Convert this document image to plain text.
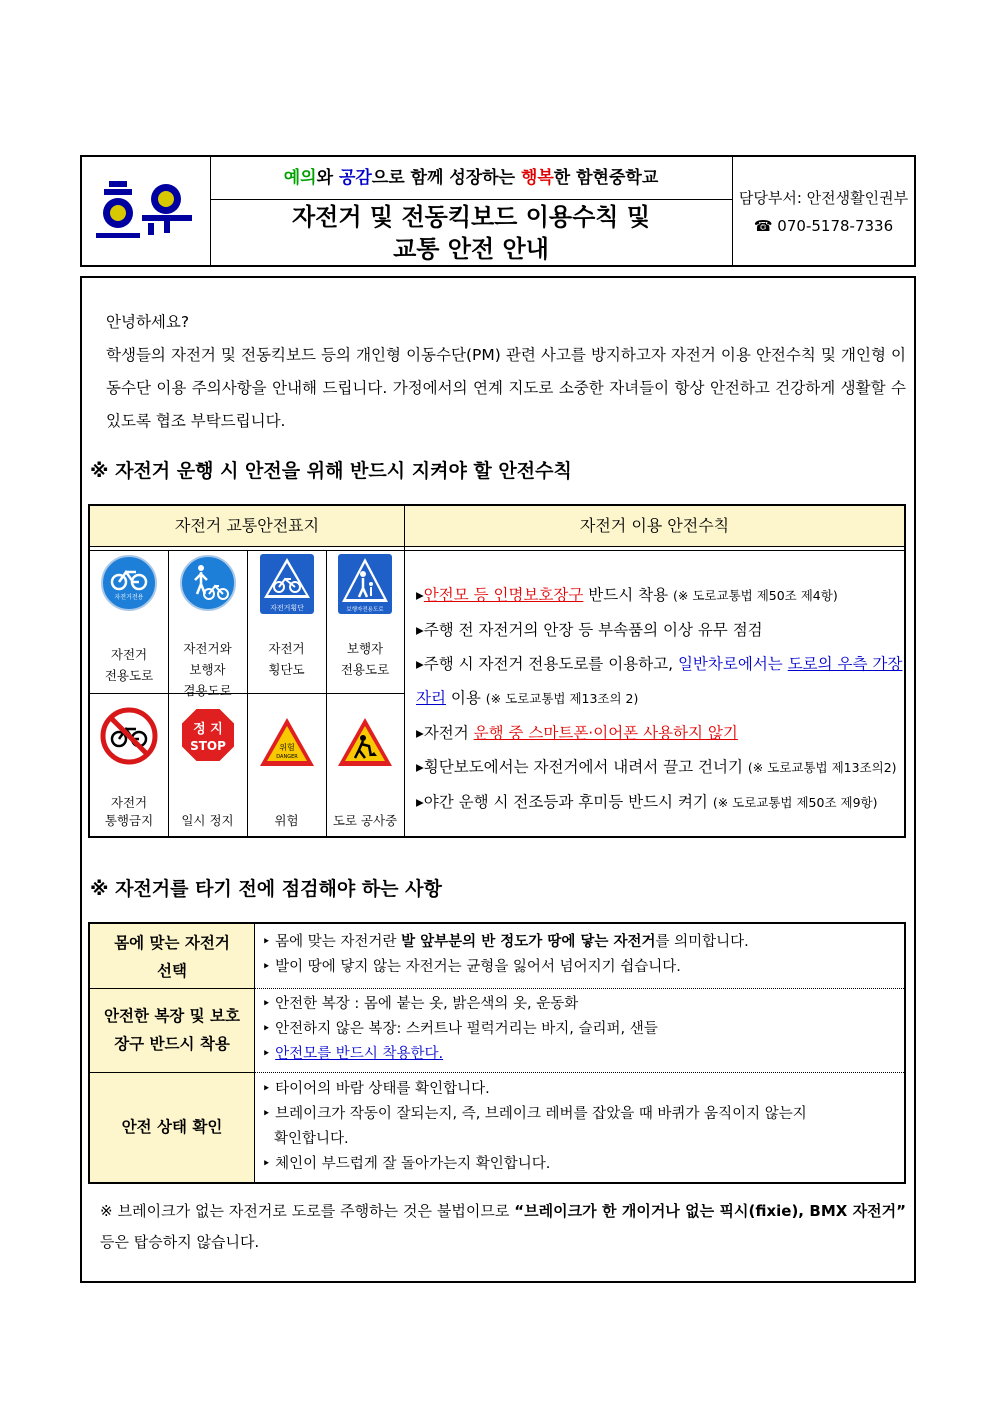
예의와 공감으로 함께 성장하는 행복한 함현중학교
자전거 및 전동킥보드 이용수칙 및
교통 안전 안내
담당부서: 안전생활인권부
☎ 070-5178-7336
안녕하세요?
학생들의 자전거 및 전동킥보드 등의 개인형 이동수단(PM) 관련 사고를 방지하고자 자전거 이용 안전수칙 및 개인형 이동수단 이용 주의사항을 안내해 드립니다. 가정에서의 연계 지도로 소중한 자녀들이 항상 안전하고 건강하게 생활할 수 있도록 협조 부탁드립니다.
※ 자전거 운행 시 안전을 위해 반드시 지켜야 할 안전수칙
자전거 교통안전표지	자전거 이용 안전수칙
자전거전용
자전거
전용도로
자전거와
보행자
겸용도로
자전거횡단
자전거
횡단도
보행자전용도로
보행자
전용도로
자전거
통행금지
정 지
STOP
일시 정지
위험
DANGER
위험	도로 공사중
▸안전모 등 인명보호장구 반드시 착용 (※ 도로교통법 제50조 제4항)
▸주행 전 자전거의 안장 등 부속품의 이상 유무 점검
▸주행 시 자전거 전용도로를 이용하고, 일반차로에서는 도로의 우측 가장자리 이용 (※ 도로교통법 제13조의 2)
▸자전거 운행 중 스마트폰·이어폰 사용하지 않기
▸횡단보도에서는 자전거에서 내려서 끌고 건너기 (※ 도로교통법 제13조의2)
▸야간 운행 시 전조등과 후미등 반드시 켜기 (※ 도로교통법 제50조 제9항)
※ 자전거를 타기 전에 점검해야 하는 사항
몸에 맞는 자전거
선택
안전한 복장 및 보호
장구 반드시 착용
안전 상태 확인
‣ 몸에 맞는 자전거란 발 앞부분의 반 정도가 땅에 닿는 자전거를 의미합니다.
‣ 발이 땅에 닿지 않는 자전거는 균형을 잃어서 넘어지기 쉽습니다.
‣ 안전한 복장 : 몸에 붙는 옷, 밝은색의 옷, 운동화
‣ 안전하지 않은 복장: 스커트나 펄럭거리는 바지, 슬리퍼, 샌들
‣ 안전모를 반드시 착용한다.
‣ 타이어의 바람 상태를 확인합니다.
‣ 브레이크가 작동이 잘되는지, 즉, 브레이크 레버를 잡았을 때 바퀴가 움직이지 않는지
확인합니다.
‣ 체인이 부드럽게 잘 돌아가는지 확인합니다.
※ 브레이크가 없는 자전거로 도로를 주행하는 것은 불법이므로 “브레이크가 한 개이거나 없는 픽시(fixie), BMX 자전거” 등은 탑승하지 않습니다.
